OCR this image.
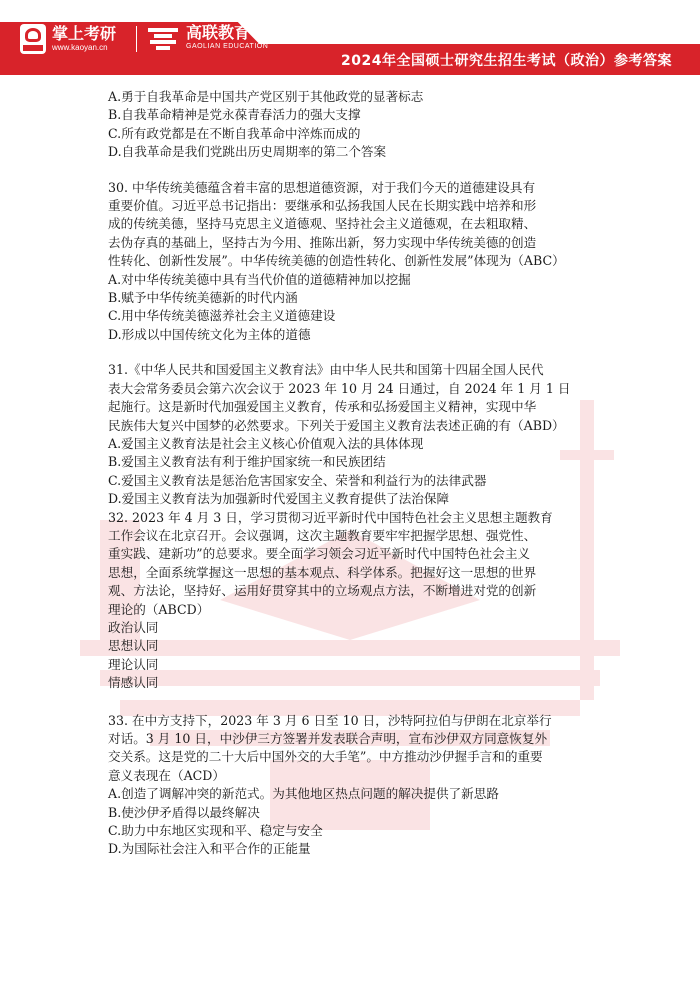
掌上考研
www.kaoyan.cn
高联教育
GAOLIAN EDUCATION
2024年全国硕士研究生招生考试（政治）参考答案

A.勇于自我革命是中国共产党区别于其他政党的显著标志

B.自我革命精神是党永葆青春活力的强大支撑

C.所有政党都是在不断自我革命中淬炼而成的

D.自我革命是我们党跳出历史周期率的第二个答案

30. 中华传统美德蕴含着丰富的思想道德资源，对于我们今天的道德建设具有

重要价值。习近平总书记指出：要继承和弘扬我国人民在长期实践中培养和形

成的传统美德，坚持马克思主义道德观、坚持社会主义道德观，在去粗取精、

去伪存真的基础上，坚持古为今用、推陈出新，努力实现中华传统美德的创造

性转化、创新性发展”。中华传统美德的创造性转化、创新性发展”体现为（ABC）

A.对中华传统美德中具有当代价值的道德精神加以挖掘

B.赋予中华传统美德新的时代内涵

C.用中华传统美德滋养社会主义道德建设

D.形成以中国传统文化为主体的道德

31.《中华人民共和国爱国主义教育法》由中华人民共和国第十四届全国人民代

表大会常务委员会第六次会议于 2023 年 10 月 24 日通过，自 2024 年 1 月 1 日

起施行。这是新时代加强爱国主义教育，传承和弘扬爱国主义精神，实现中华

民族伟大复兴中国梦的必然要求。下列关于爱国主义教育法表述正确的有（ABD）

A.爱国主义教育法是社会主义核心价值观入法的具体体现

B.爱国主义教育法有利于维护国家统一和民族团结

C.爱国主义教育法是惩治危害国家安全、荣誉和利益行为的法律武器

D.爱国主义教育法为加强新时代爱国主义教育提供了法治保障

32. 2023 年 4 月 3 日，学习贯彻习近平新时代中国特色社会主义思想主题教育

工作会议在北京召开。会议强调，这次主题教育要牢牢把握学思想、强党性、

重实践、建新功”的总要求。要全面学习领会习近平新时代中国特色社会主义

思想，全面系统掌握这一思想的基本观点、科学体系。把握好这一思想的世界

观、方法论，坚持好、运用好贯穿其中的立场观点方法，不断增进对党的创新

理论的（ABCD）

政治认同

思想认同

理论认同

情感认同

33. 在中方支持下，2023 年 3 月 6 日至 10 日，沙特阿拉伯与伊朗在北京举行

对话。3 月 10 日，中沙伊三方签署并发表联合声明，宣布沙伊双方同意恢复外

交关系。这是党的二十大后中国外交的大手笔”。中方推动沙伊握手言和的重要

意义表现在（ACD）

A.创造了调解冲突的新范式。为其他地区热点问题的解决提供了新思路

B.使沙伊矛盾得以最终解决

C.助力中东地区实现和平、稳定与安全

D.为国际社会注入和平合作的正能量
